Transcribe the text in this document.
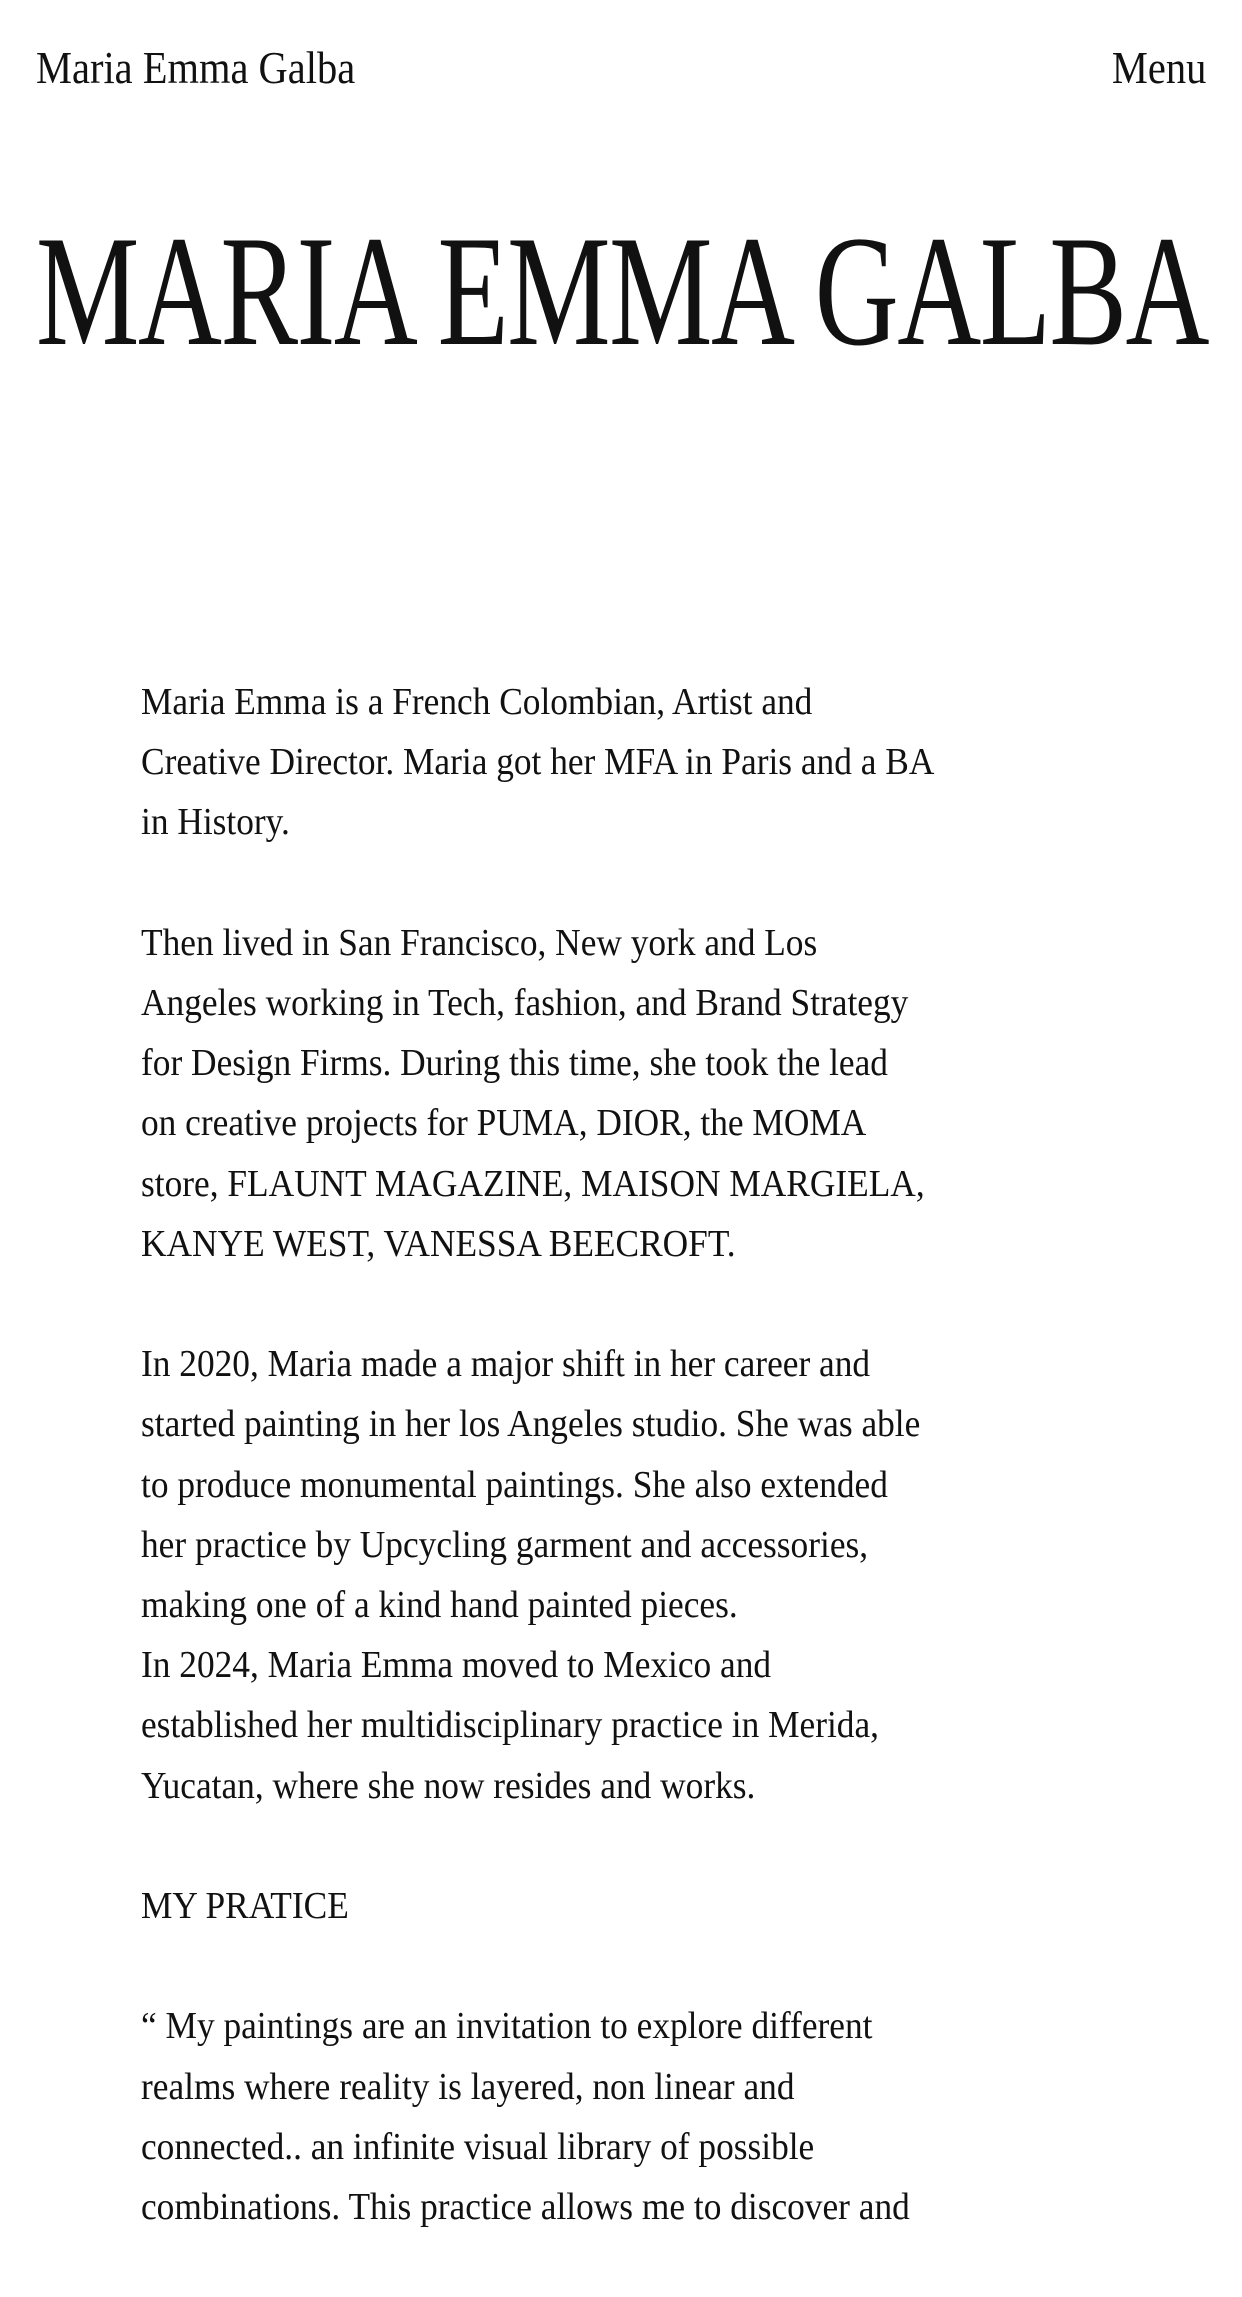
Maria Emma Galba	Menu
MARIA EMMA GALBA

Maria Emma is a French Colombian, Artist and
Creative Director. Maria got her MFA in Paris and a BA
in History.

Then lived in San Francisco, New york and Los
Angeles working in Tech, fashion, and Brand Strategy
for Design Firms. During this time, she took the lead
on creative projects for PUMA, DIOR, the MOMA
store, FLAUNT MAGAZINE, MAISON MARGIELA,
KANYE WEST, VANESSA BEECROFT.

In 2020, Maria made a major shift in her career and
started painting in her los Angeles studio. She was able
to produce monumental paintings. She also extended
her practice by Upcycling garment and accessories,
making one of a kind hand painted pieces.

In 2024, Maria Emma moved to Mexico and
established her multidisciplinary practice in Merida,
Yucatan, where she now resides and works.

MY PRATICE

“ My paintings are an invitation to explore different
realms where reality is layered, non linear and
connected.. an infinite visual library of possible
combinations. This practice allows me to discover and
